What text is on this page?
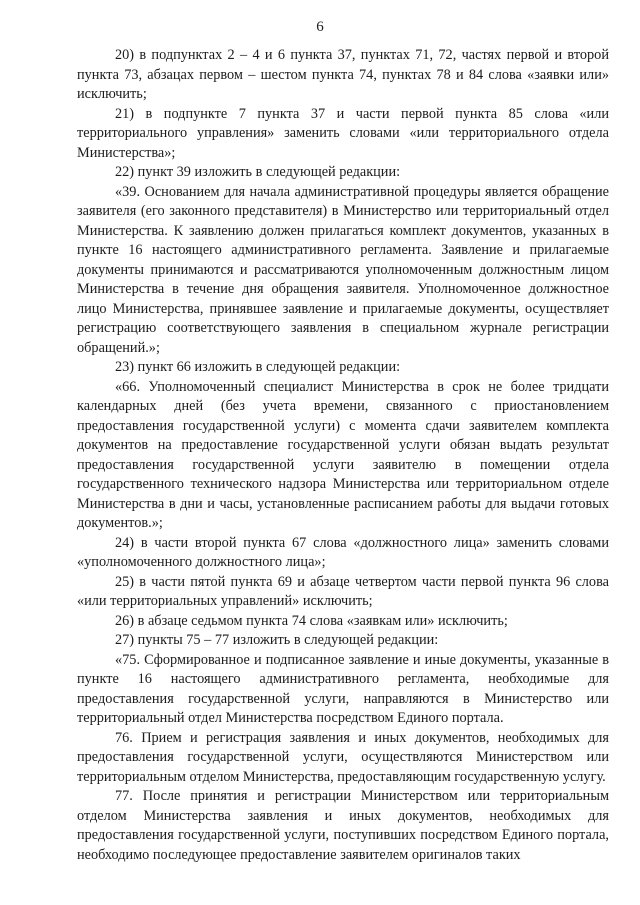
6

20) в подпунктах 2 – 4 и 6 пункта 37, пунктах 71, 72, частях первой и второй пункта 73, абзацах первом – шестом пункта 74, пунктах 78 и 84 слова «заявки или» исключить;

21) в подпункте 7 пункта 37 и части первой пункта 85 слова «или территориального управления» заменить словами «или территориального отдела Министерства»;

22) пункт 39 изложить в следующей редакции:

«39. Основанием для начала административной процедуры является обращение заявителя (его законного представителя) в Министерство или территориальный отдел Министерства. К заявлению должен прилагаться комплект документов, указанных в пункте 16 настоящего административного регламента. Заявление и прилагаемые документы принимаются и рассматриваются уполномоченным должностным лицом Министерства в течение дня обращения заявителя. Уполномоченное должностное лицо Министерства, принявшее заявление и прилагаемые документы, осуществляет регистрацию соответствующего заявления в специальном журнале регистрации обращений.»;

23) пункт 66 изложить в следующей редакции:

«66. Уполномоченный специалист Министерства в срок не более тридцати календарных дней (без учета времени, связанного с приостановлением предоставления государственной услуги) с момента сдачи заявителем комплекта документов на предоставление государственной услуги обязан выдать результат предоставления государственной услуги заявителю в помещении отдела государственного технического надзора Министерства или территориальном отделе Министерства в дни и часы, установленные расписанием работы для выдачи готовых документов.»;

24) в части второй пункта 67 слова «должностного лица» заменить словами «уполномоченного должностного лица»;

25) в части пятой пункта 69 и абзаце четвертом части первой пункта 96 слова «или территориальных управлений» исключить;

26) в абзаце седьмом пункта 74 слова «заявкам или» исключить;

27) пункты 75 – 77 изложить в следующей редакции:

«75. Сформированное и подписанное заявление и иные документы, указанные в пункте 16 настоящего административного регламента, необходимые для предоставления государственной услуги, направляются в Министерство или территориальный отдел Министерства посредством Единого портала.

76. Прием и регистрация заявления и иных документов, необходимых для предоставления государственной услуги, осуществляются Министерством или территориальным отделом Министерства, предоставляющим государственную услугу.

77. После принятия и регистрации Министерством или территориальным отделом Министерства заявления и иных документов, необходимых для предоставления государственной услуги, поступивших посредством Единого портала, необходимо последующее предоставление заявителем оригиналов таких
